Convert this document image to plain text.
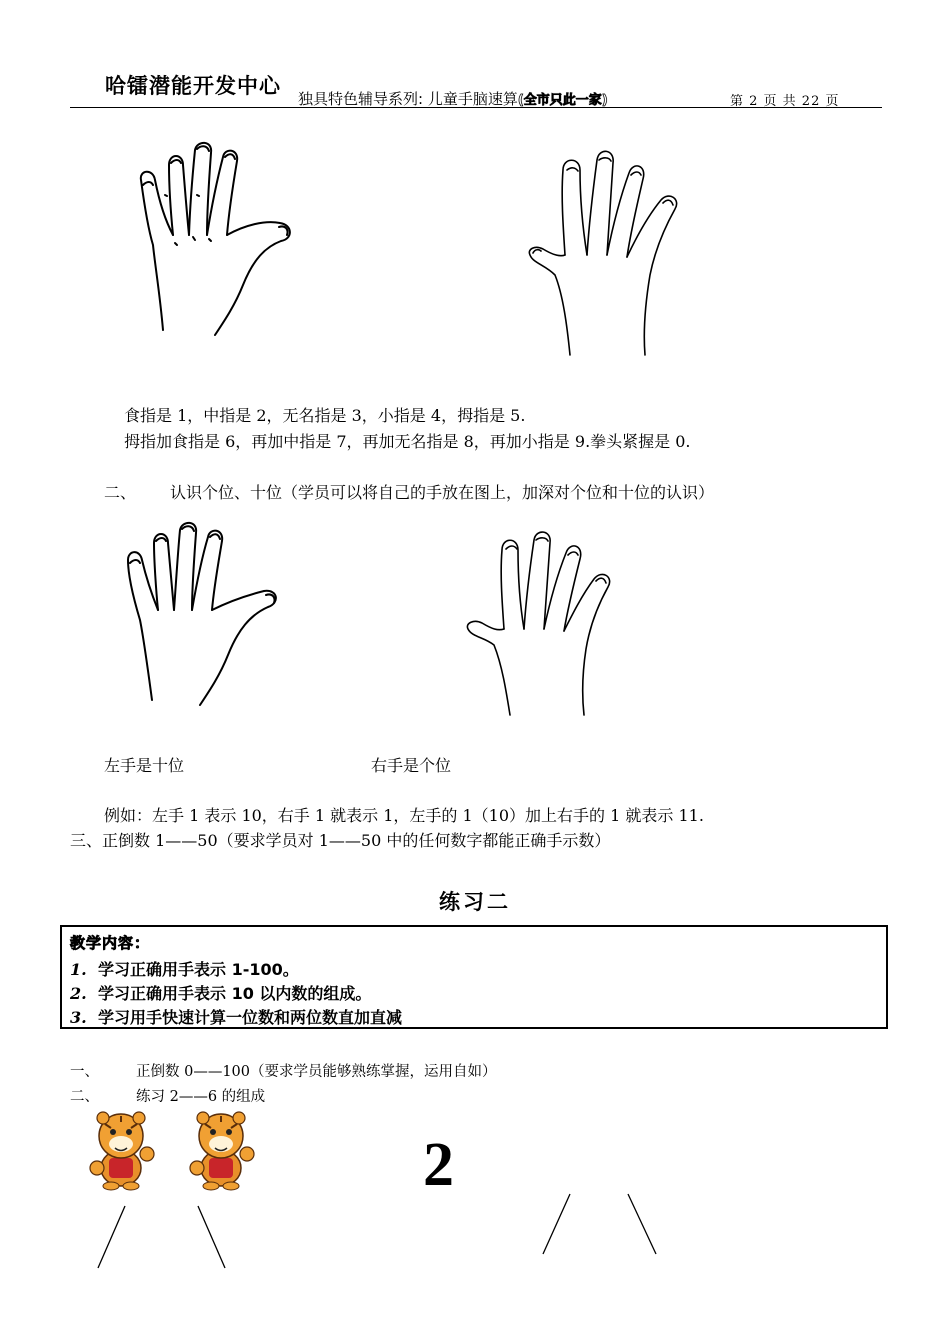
哈镭潜能开发中心
独具特色辅导系列: 儿童手脑速算(全市只此一家)	第 2 页 共 22 页
食指是 1，中指是 2，无名指是 3，小指是 4，拇指是 5.
拇指加食指是 6，再加中指是 7，再加无名指是 8，再加小指是 9.拳头紧握是 0.
二、 认识个位、十位（学员可以将自己的手放在图上，加深对个位和十位的认识）
左手是十位	右手是个位
例如：左手 1 表示 10，右手 1 就表示 1，左手的 1（10）加上右手的 1 就表示 11.
三、正倒数 1——50（要求学员对 1——50 中的任何数字都能正确手示数）
练习二
教学内容：
1. 学习正确用手表示 1-100。
2. 学习正确用手表示 10 以内数的组成。
3. 学习用手快速计算一位数和两位数直加直减
一、	正倒数 0——100（要求学员能够熟练掌握，运用自如）
二、	练习 2——6 的组成
2
